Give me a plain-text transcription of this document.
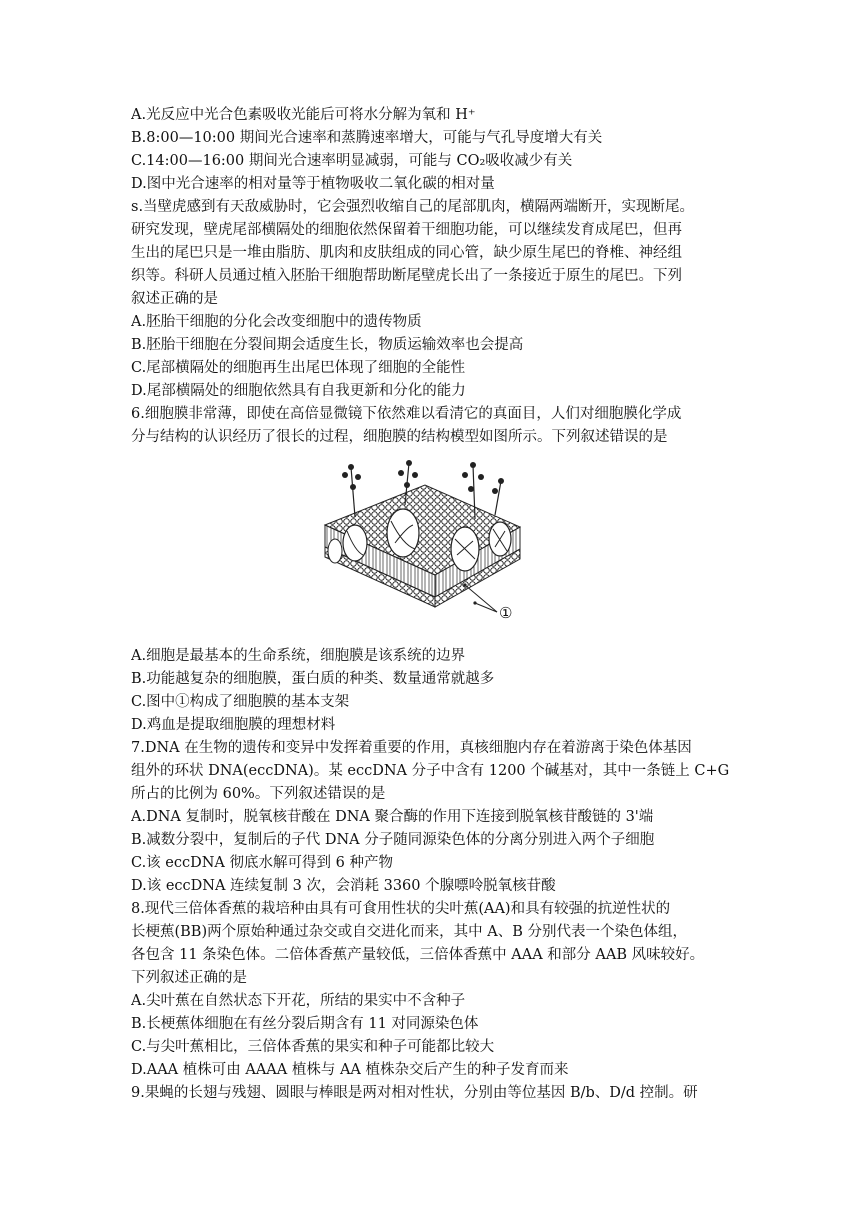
A.光反应中光合色素吸收光能后可将水分解为氧和 H⁺
B.8:00—10:00 期间光合速率和蒸腾速率增大，可能与气孔导度增大有关
C.14:00—16:00 期间光合速率明显减弱，可能与 CO₂吸收减少有关
D.图中光合速率的相对量等于植物吸收二氧化碳的相对量
s.当壁虎感到有天敌威胁时，它会强烈收缩自己的尾部肌肉，横隔两端断开，实现断尾。
研究发现，壁虎尾部横隔处的细胞依然保留着干细胞功能，可以继续发育成尾巴，但再
生出的尾巴只是一堆由脂肪、肌肉和皮肤组成的同心管，缺少原生尾巴的脊椎、神经组
织等。科研人员通过植入胚胎干细胞帮助断尾壁虎长出了一条接近于原生的尾巴。下列
叙述正确的是
A.胚胎干细胞的分化会改变细胞中的遗传物质
B.胚胎干细胞在分裂间期会适度生长，物质运输效率也会提高
C.尾部横隔处的细胞再生出尾巴体现了细胞的全能性
D.尾部横隔处的细胞依然具有自我更新和分化的能力
6.细胞膜非常薄，即使在高倍显微镜下依然难以看清它的真面目，人们对细胞膜化学成
分与结构的认识经历了很长的过程，细胞膜的结构模型如图所示。下列叙述错误的是
①
A.细胞是最基本的生命系统，细胞膜是该系统的边界
B.功能越复杂的细胞膜，蛋白质的种类、数量通常就越多
C.图中①构成了细胞膜的基本支架
D.鸡血是提取细胞膜的理想材料
7.DNA 在生物的遗传和变异中发挥着重要的作用，真核细胞内存在着游离于染色体基因
组外的环状 DNA(eccDNA)。某 eccDNA 分子中含有 1200 个碱基对，其中一条链上 C+G
所占的比例为 60%。下列叙述错误的是
A.DNA 复制时，脱氧核苷酸在 DNA 聚合酶的作用下连接到脱氧核苷酸链的 3'端
B.减数分裂中，复制后的子代 DNA 分子随同源染色体的分离分别进入两个子细胞
C.该 eccDNA 彻底水解可得到 6 种产物
D.该 eccDNA 连续复制 3 次，会消耗 3360 个腺嘌呤脱氧核苷酸
8.现代三倍体香蕉的栽培种由具有可食用性状的尖叶蕉(AA)和具有较强的抗逆性状的
长梗蕉(BB)两个原始种通过杂交或自交进化而来，其中 A、B 分别代表一个染色体组，
各包含 11 条染色体。二倍体香蕉产量较低，三倍体香蕉中 AAA 和部分 AAB 风味较好。
下列叙述正确的是
A.尖叶蕉在自然状态下开花，所结的果实中不含种子
B.长梗蕉体细胞在有丝分裂后期含有 11 对同源染色体
C.与尖叶蕉相比，三倍体香蕉的果实和种子可能都比较大
D.AAA 植株可由 AAAA 植株与 AA 植株杂交后产生的种子发育而来
9.果蝇的长翅与残翅、圆眼与棒眼是两对相对性状，分别由等位基因 B/b、D/d 控制。研
